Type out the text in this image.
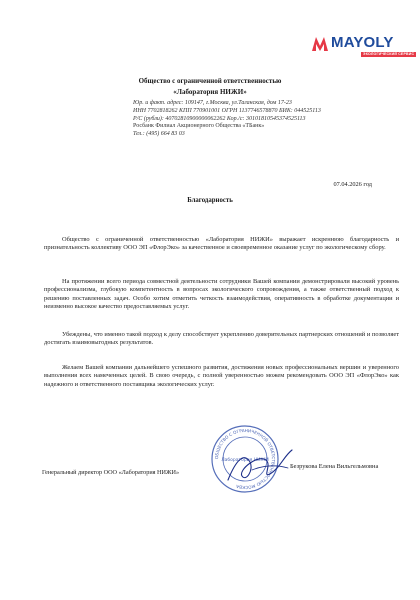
MAYOLY
ЭКОЛОГИЧЕСКИЙ СЕРВИС
Общество с ограниченной ответственностью
«Лаборатория НИЖИ»
Юр. и факт. адрес: 109147, г.Москва, ул.Таганская, дом 17-23
ИНН 7702818262 КПП 770901001 ОГРН 1137746578870 БИК: 044525113
Р/С (рубли): 40702810900000062262 Кор./с: 30101810545374525113
Росбанк Филиал Акционерного Общества «ТБанк»
Тел.: (495) 664 83 03
07.04.2026 год
Благодарность

Общество с ограниченной ответственностью «Лаборатория НИЖИ» выражает искреннюю благодарность и признательность коллективу ООО ЭП «ФлорЭко» за качественное и своевременное оказание услуг по экологическому сбору.

На протяжении всего периода совместной деятельности сотрудники Вашей компании демонстрировали высокий уровень профессионализма, глубокую компетентность в вопросах экологического сопровождения, а также ответственный подход к решению поставленных задач. Особо хотим отметить четкость взаимодействия, оперативность в обработке документации и неизменно высокое качество предоставляемых услуг.

Убеждены, что именно такой подход к делу способствует укреплению доверительных партнерских отношений и позволяет достигать взаимовыгодных результатов.

Желаем Вашей компании дальнейшего успешного развития, достижения новых профессиональных вершин и уверенного выполнения всех намеченных целей. В свою очередь, с полной уверенностью можем рекомендовать ООО ЭП «ФлорЭко» как надежного и ответственного поставщика экологических услуг.

Генеральный директор ООО «Лаборатория НИЖИ»
ОБЩЕСТВО С ОГРАНИЧЕННОЙ ОТВЕТСТВЕННОСТЬЮ МОСКВА
Лаборатория НИЖИ
Безрукова Елена Вильгельмовна
